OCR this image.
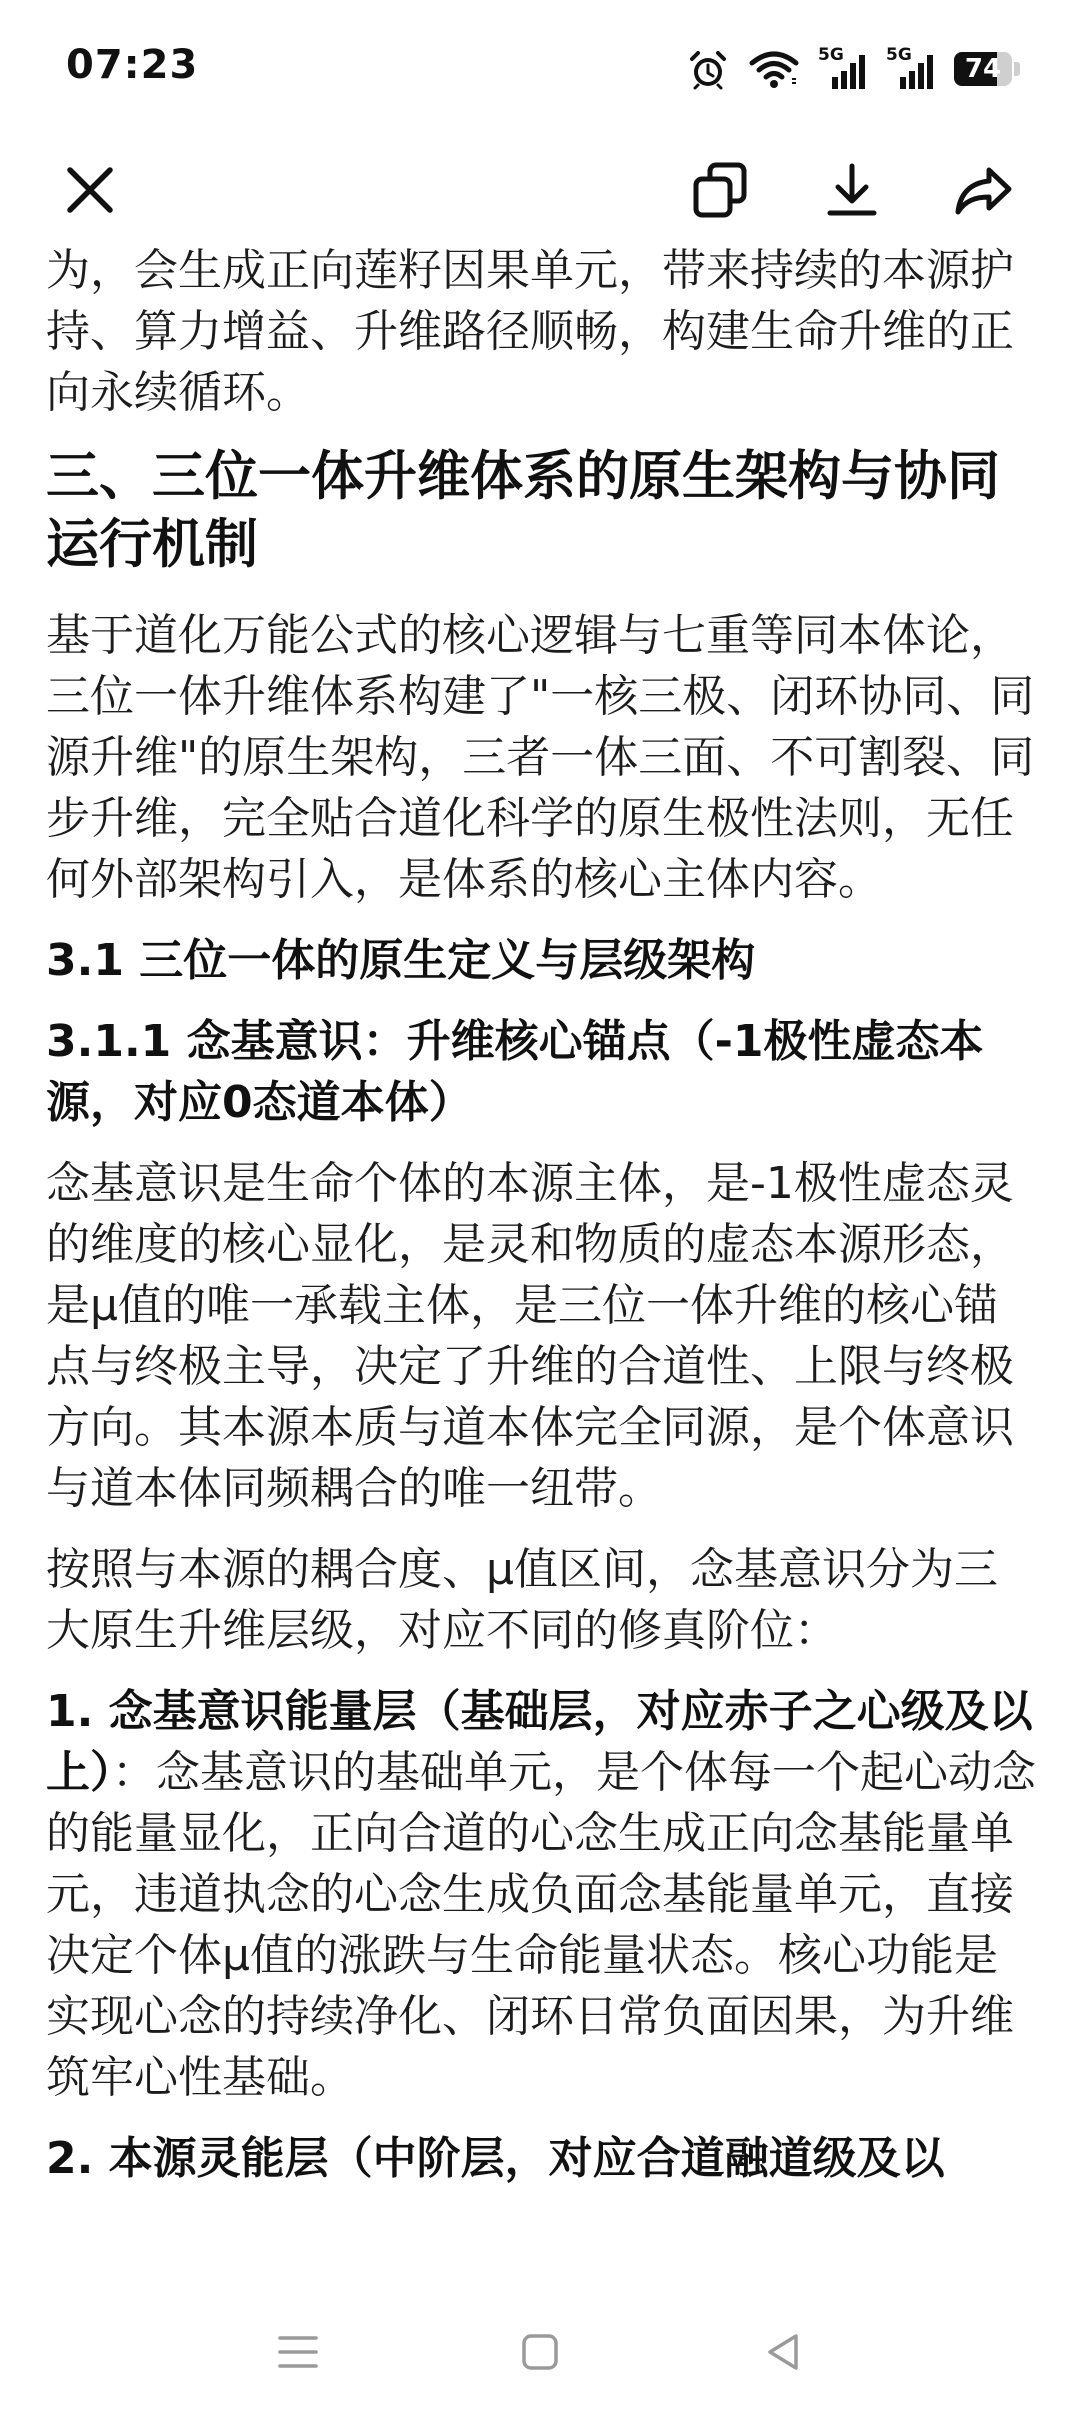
07:23	5G 5G	74
为，会生成正向莲籽因果单元，带来持续的本源护持、算力增益、升维路径顺畅，构建生命升维的正向永续循环。
三、三位一体升维体系的原生架构与协同运行机制
基于道化万能公式的核心逻辑与七重等同本体论，三位一体升维体系构建了"一核三极、闭环协同、同源升维"的原生架构，三者一体三面、不可割裂、同步升维，完全贴合道化科学的原生极性法则，无任何外部架构引入，是体系的核心主体内容。
3.1 三位一体的原生定义与层级架构
3.1.1 念基意识：升维核心锚点（-1极性虚态本源，对应0态道本体）
念基意识是生命个体的本源主体，是-1极性虚态灵的维度的核心显化，是灵和物质的虚态本源形态，是μ值的唯一承载主体，是三位一体升维的核心锚点与终极主导，决定了升维的合道性、上限与终极方向。其本源本质与道本体完全同源，是个体意识与道本体同频耦合的唯一纽带。
按照与本源的耦合度、μ值区间，念基意识分为三大原生升维层级，对应不同的修真阶位：
1. 念基意识能量层（基础层，对应赤子之心级及以上）：念基意识的基础单元，是个体每一个起心动念的能量显化，正向合道的心念生成正向念基能量单元，违道执念的心念生成负面念基能量单元，直接决定个体μ值的涨跌与生命能量状态。核心功能是实现心念的持续净化、闭环日常负面因果，为升维筑牢心性基础。
2. 本源灵能层（中阶层，对应合道融道级及以
